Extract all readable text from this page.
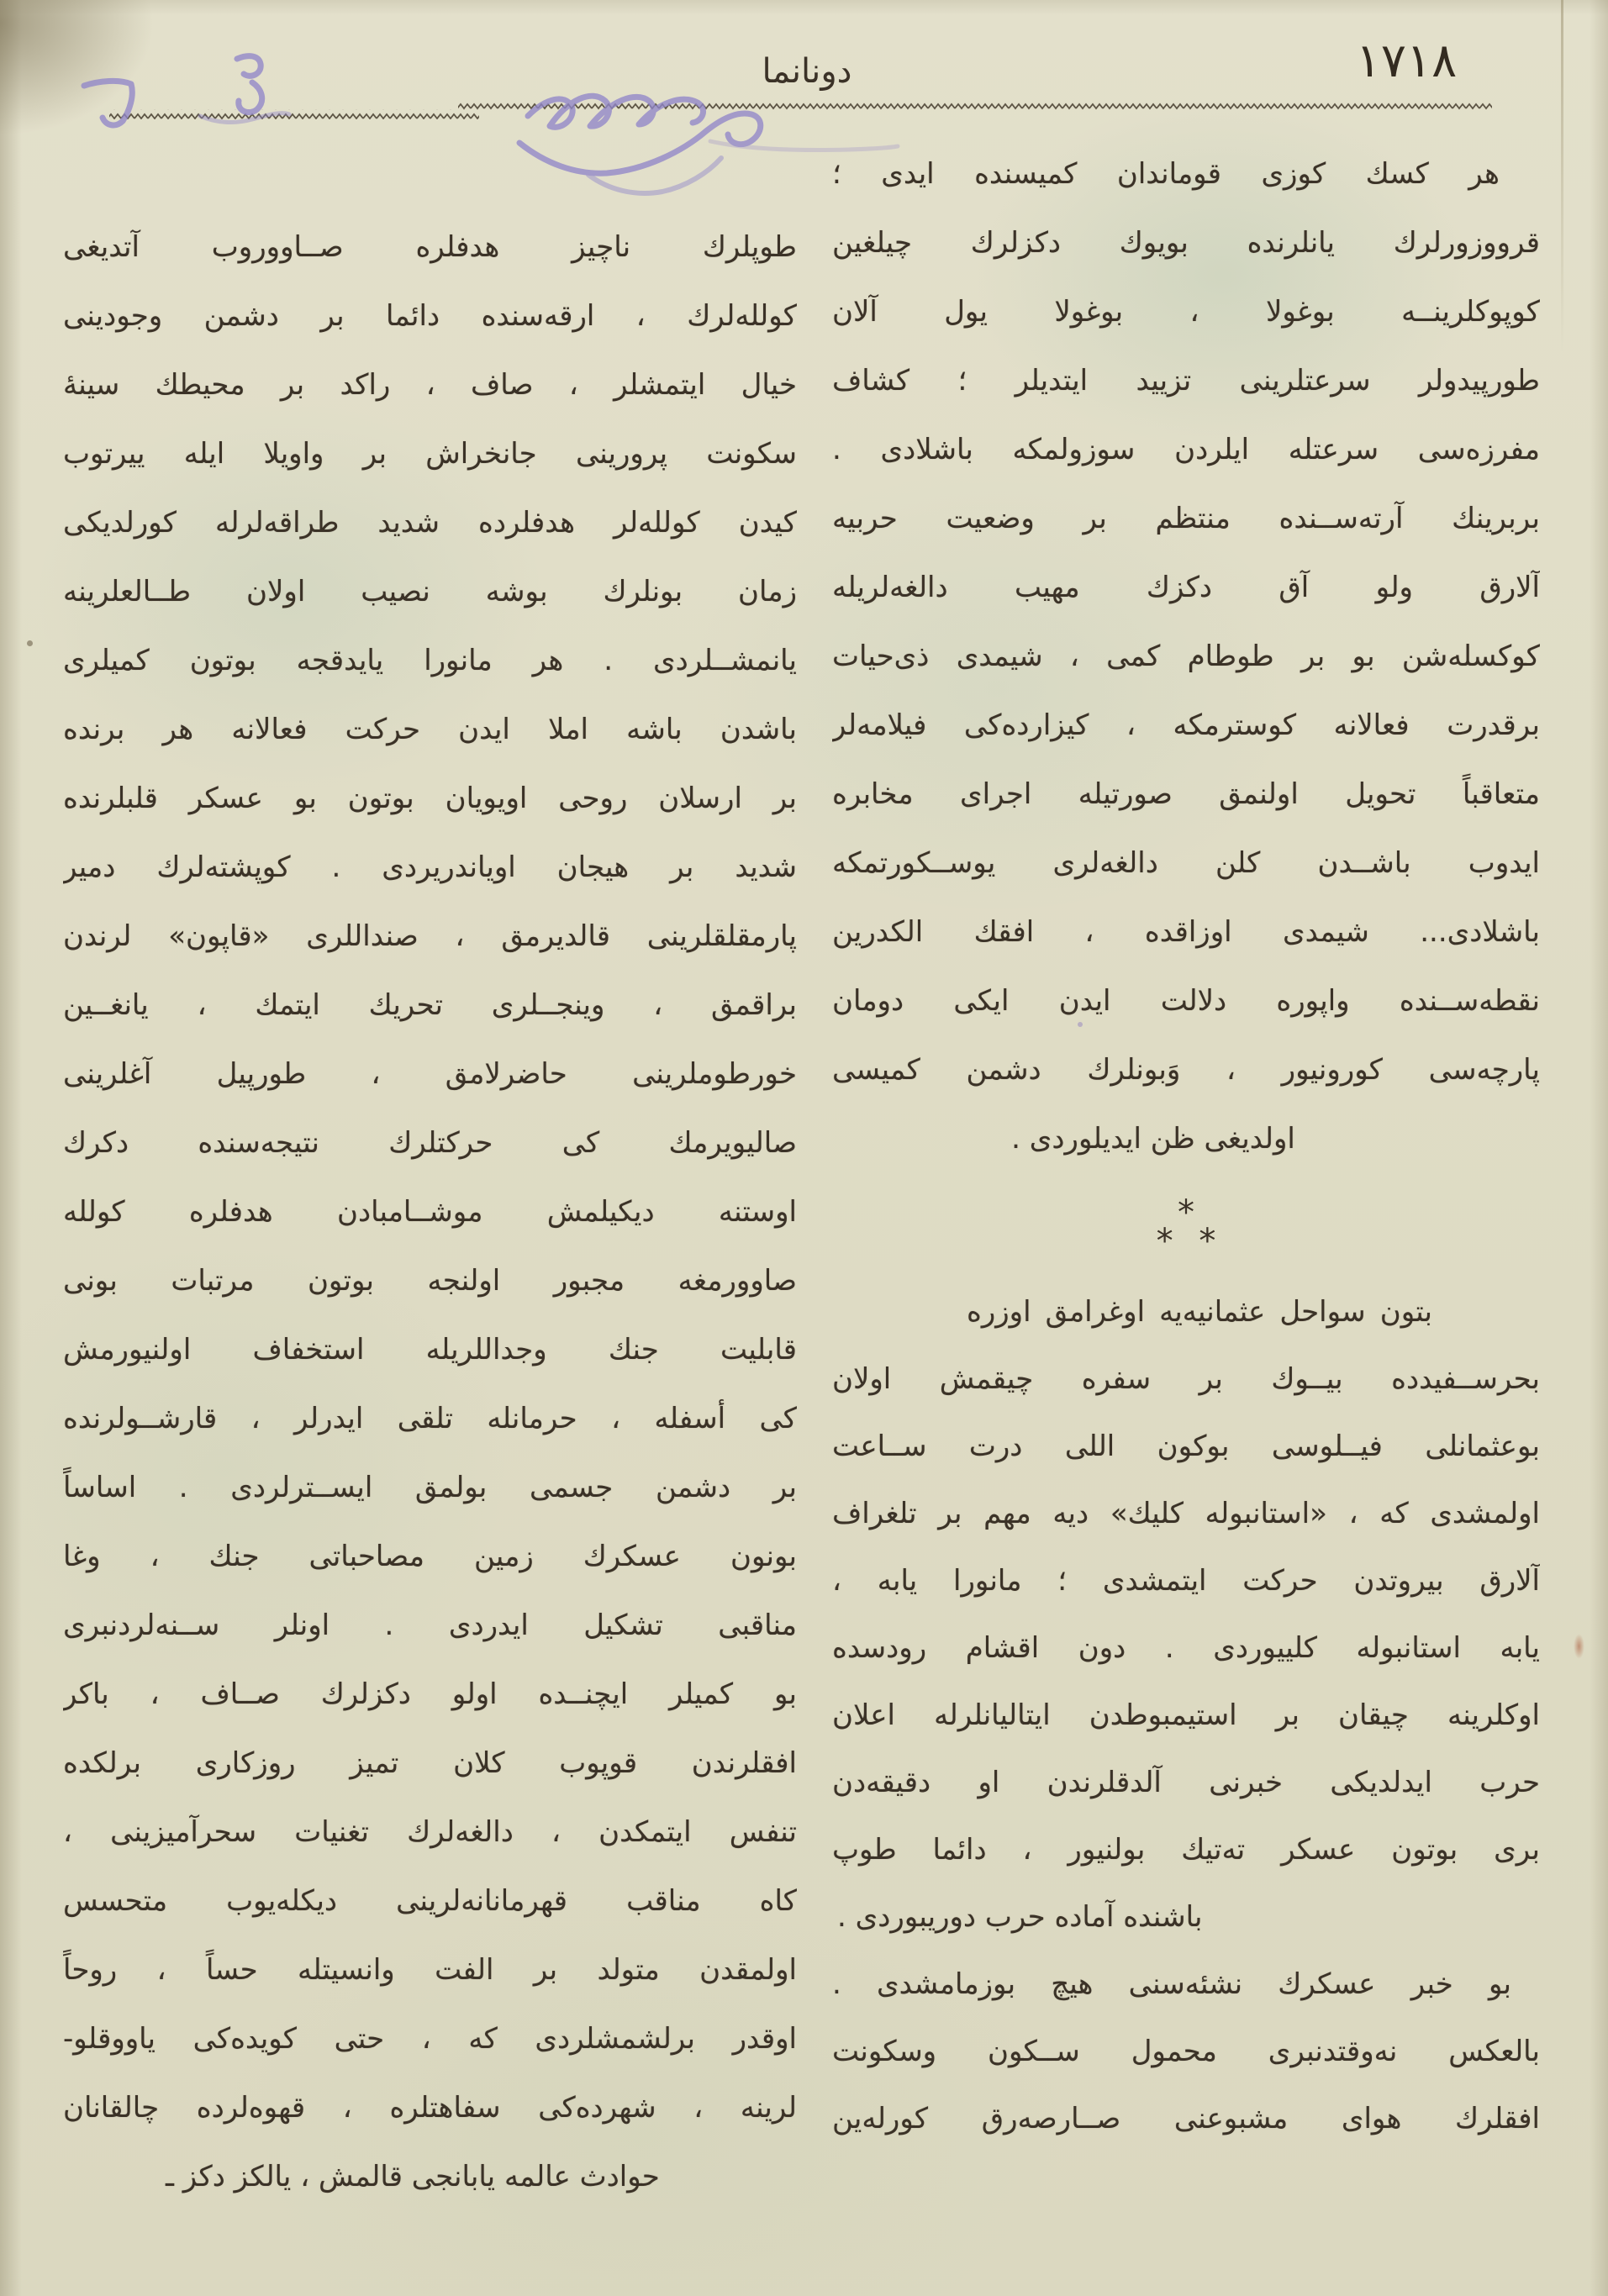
دونانما	١٧١٨
هر كسك كوزى قوماندان كميسنده ايدى ؛
قرووزورلرك يانلرنده بويوك دكزلرك چيلغين
كوپوكلرينــه بوغولا ، بوغولا يول آلان
طورپيدولر سرعتلرينى تزييد ايتديلر ؛ كشاف
مفرزه‌سى سرعتله ايلردن سوزولمكه باشلادى .
بربرينك آرته‌ســنده منتظم بر وضعيت حربيه
آلارق ولو آق دكزك مهيب دالغه‌لريله
كوكسله‌شن بو بر طوطام كمى ، شيمدى ذى‌حيات
برقدرت فعالانه كوسترمكه ، كيزارده‌كى فيلامه‌لر
متعاقباً تحويل اولنمق صورتيله اجراى مخابره
ايدوب باشــدن كلن دالغه‌لرى يوســكورتمكه
باشلادى... شيمدى اوزاقده ، افقك الكدرين
نقطه‌ســنده واپوره دلالت ايدن ايكى دومان
پارچه‌سى كورونيور ، وَبونلرك دشمن كميسى
اولديغى ظن ايديلوردى .
*
* *
بتون سواحل عثمانيه‌يه اوغرامق اوزره
بحرســفيدده بيــوك بر سفره چيقمش اولان
بوعثمانلى فيــلوسى بوكون اللى درت ســاعت
اولمشدى كه ، «استانبوله كليك» ديه مهم بر تلغراف
آلارق بيروتدن حركت ايتمشدى ؛ مانورا يابه ،
يابه استانبوله كلييوردى . دون اقشام رودسده
اوكلرينه چيقان بر استيمبوطدن ايتاليانلرله اعلان
حرب ايدلديكى خبرنى آلدقلرندن او دقيقه‌دن
برى بوتون عسكر ته‌تيك بولنيور ، دائما طوپ
باشنده آماده حرب دوريبوردى .
بو خبر عسكرك نشئه‌سنى هيچ بوزمامشدى .
بالعكس نه‌وقتدنبرى محمول ســكون وسكونت
افقلرك هواى مشبوعنى صــارصه‌رق كورله‌ين
طوپلرك ناچيز هدفلره صــاووروب آتديغى
كولله‌لرك ، ارقه‌سنده دائما بر دشمن وجودينى
خيال ايتمشلر ، صاف ، راكد بر محيطك سينهٔ
سكونت پرورينى جانخراش بر واويلا ايله ييرتوب
كيدن كولله‌لر هدفلرده شديد طراقه‌لرله كورلديكى
زمان بونلرك بوشه نصيب اولان طــالعلرينه
يانمشــلردى . هر مانورا يايدقجه بوتون كميلرى
باشدن باشه املا ايدن حركت فعالانه هر برنده
بر ارسلان روحى اويويان بوتون بو عسكر قلبلرنده
شديد بر هيجان اوياندريردى . كوپشته‌لرك دمير
پارمقلقلرينى قالديرمق ، صنداللرى «قاپون» لرندن
براقمق ، وينجــلرى تحريك ايتمك ، يانغــين
خورطوملرينى حاضرلامق ، طورپيل آغلرينى
صاليويرمك كى حركتلرك نتيجه‌سنده دكرك
اوستنه ديكيلمش موشــامبادن هدفلره كولله
صاوورمغه مجبور اولنجه بوتون مرتبات بونى
قابليت جنك وجداللريله استخفاف اولنيورمش
كى أسفله ، حرمانله تلقى ايدرلر ، قارشــولرنده
بر دشمن جسمى بولمق ايســترلردى . اساساً
بونون عسكرك زمين مصاحباتى جنك ، وغا
مناقبى تشكيل ايدردى . اونلر ســنه‌لردنبرى
بو كميلر ايچنــده اولو دكزلرك صــاف ، باكر
افقلرندن قوپوب كلان تميز روزكارى برلكده
تنفس ايتمكدن ، دالغه‌لرك تغنيات سحرآميزينى ،
كاه مناقب قهرمانانه‌لرينى ديكله‌يوب متحسس
اولمقدن متولد بر الفت وانسيتله حساً ، روحاً
اوقدر برلشمشلردى كه ، حتى كويده‌كى ياووقلو-
لرينه ، شهرده‌كى سفاهتلره ، قهوه‌لرده چالقانان
حوادث عالمه يابانجى قالمش ، يالكز دكز ـ
